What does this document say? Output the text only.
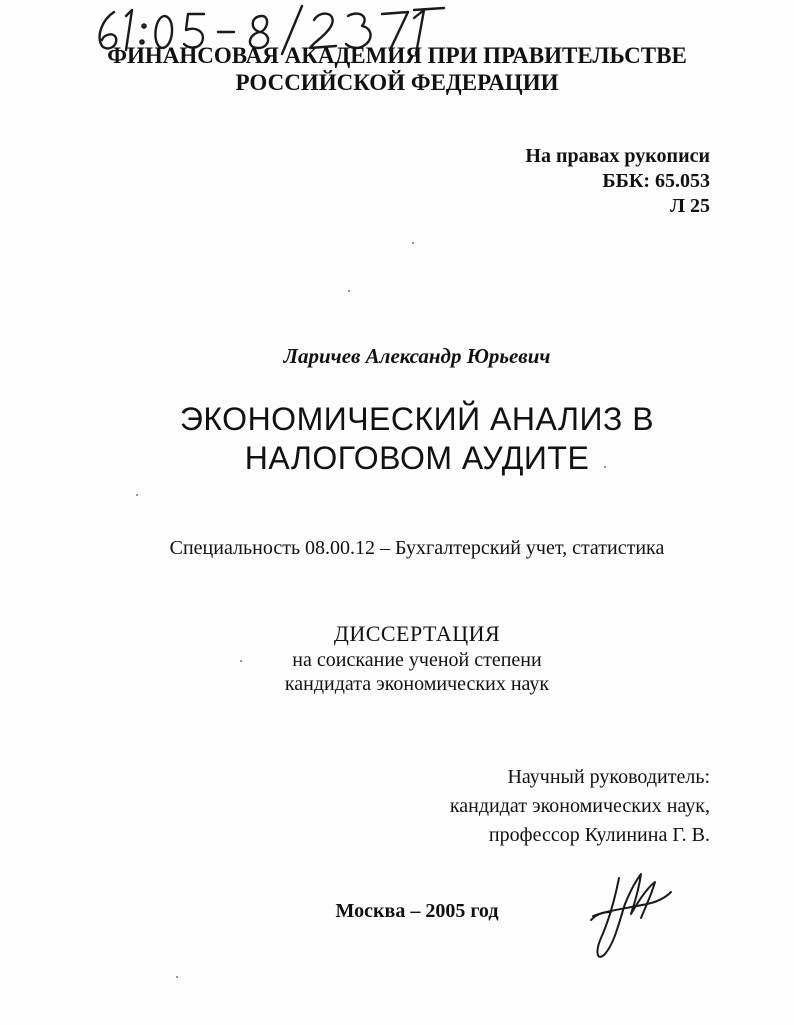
ФИНАНСОВАЯ АКАДЕМИЯ ПРИ ПРАВИТЕЛЬСТВЕ
РОССИЙСКОЙ ФЕДЕРАЦИИ
На правах рукописи
ББК: 65.053
Л 25
Ларичев Александр Юрьевич
ЭКОНОМИЧЕСКИЙ АНАЛИЗ В
НАЛОГОВОМ АУДИТЕ
Специальность 08.00.12 – Бухгалтерский учет, статистика
ДИССЕРТАЦИЯ
на соискание ученой степени
кандидата экономических наук
Научный руководитель:
кандидат экономических наук,
профессор Кулинина Г. В.
Москва – 2005 год
